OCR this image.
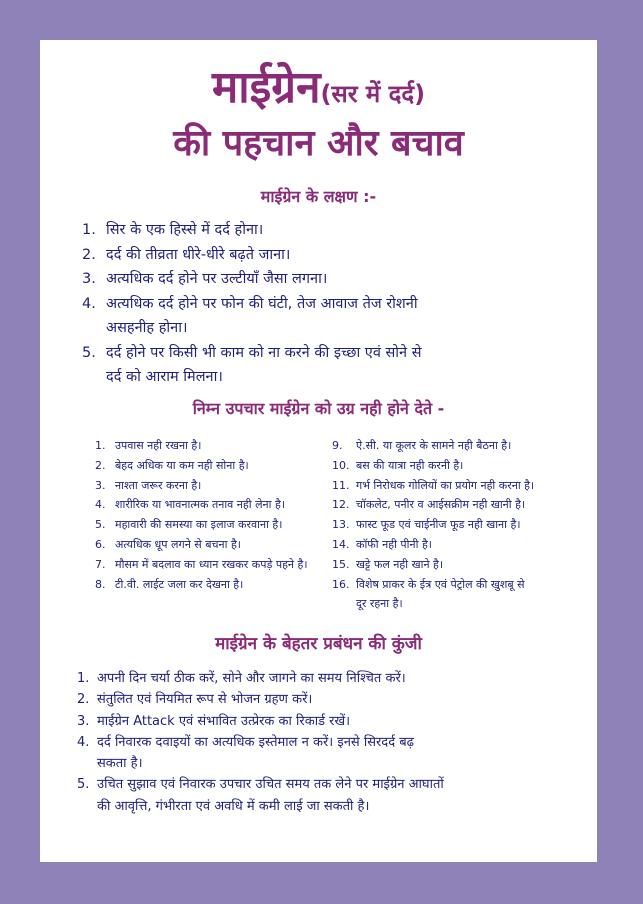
माईग्रेन(सर में दर्द)
की पहचान और बचाव
माईग्रेन के लक्षण :-
1. सिर के एक हिस्से में दर्द होना।
2. दर्द की तीव्रता धीरे-धीरे बढ़ते जाना।
3. अत्यधिक दर्द होने पर उल्टीयाँ जैसा लगना।
4. अत्यधिक दर्द होने पर फोन की घंटी, तेज आवाज तेज रोशनी
असहनीह होना।
5. दर्द होने पर किसी भी काम को ना करने की इच्छा एवं सोने से
दर्द को आराम मिलना।
निम्न उपचार माईग्रेन को उग्र नही होने देते -
1. उपवास नही रखना है।
2. बेहद अधिक या कम नही सोना है।
3. नाश्ता जरूर करना है।
4. शारीरिक या भावनात्मक तनाव नही लेना है।
5. महावारी की समस्या का इलाज करवाना है।
6. अत्यधिक धूप लगने से बचना है।
7. मौसम में बदलाव का ध्यान रखकर कपड़े पहने है।
8. टी.वी. लाईट जला कर देखना है।
9. ऐ.सी. या कूलर के सामने नही बैठना है।
10. बस की यात्रा नही करनी है।
11. गर्भ निरोधक गोलियों का प्रयोग नही करना है।
12. चॉकलेट, पनीर व आईसक्रीम नही खानी है।
13. फास्ट फूड एवं चाईनीज फूड नही खाना है।
14. कॉफी नही पीनी है।
15. खट्टे फल नही खाने है।
16. विशेष प्राकर के ईत्र एवं पेट्रोल की खुशबू से
दूर रहना है।
माईग्रेन के बेहतर प्रबंधन की कुंजी
1. अपनी दिन चर्या ठीक करें, सोने और जागने का समय निश्चित करें।
2. संतुलित एवं नियमित रूप से भोजन ग्रहण करें।
3. माईग्रेन Attack एवं संभावित उत्प्रेरक का रिकार्ड रखें।
4. दर्द निवारक दवाइयों का अत्यधिक इस्तेमाल न करें। इनसे सिरदर्द बढ़
सकता है।
5. उचित सुझाव एवं निवारक उपचार उचित समय तक लेने पर माईग्रेन आघातों
की आवृत्ति, गंभीरता एवं अवधि में कमी लाई जा सकती है।
